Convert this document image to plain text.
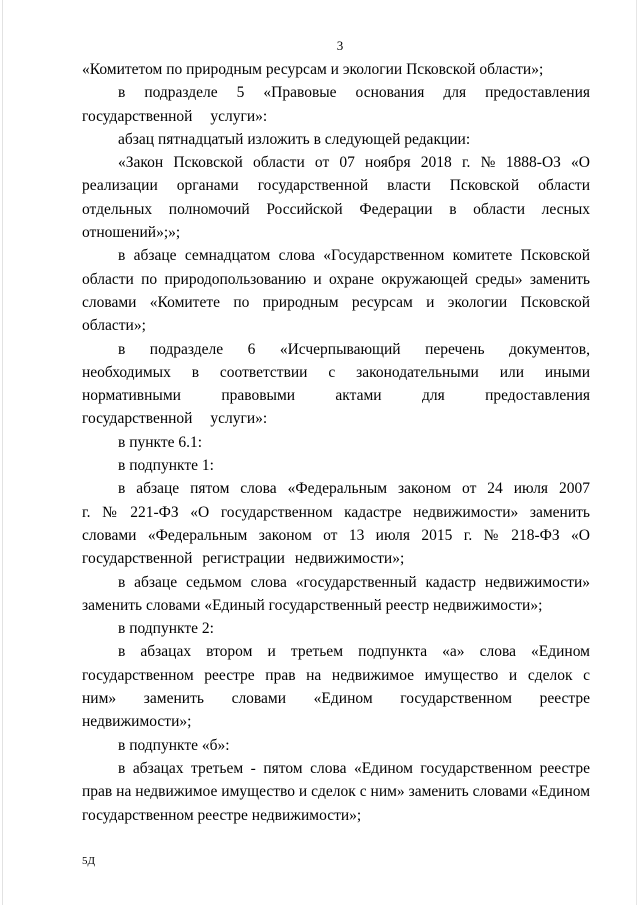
3

«Комитетом по природным ресурсам и экологии Псковской области»;

в подразделе 5 «Правовые основания для предоставления государственной услуги»:

абзац пятнадцатый изложить в следующей редакции:

«Закон Псковской области от 07 ноября 2018 г. № 1888-ОЗ «О реализации органами государственной власти Псковской области отдельных полномочий Российской Федерации в области лесных отношений»;»;

в абзаце семнадцатом слова «Государственном комитете Псковской области по природопользованию и охране окружающей среды» заменить словами «Комитете по природным ресурсам и экологии Псковской области»;

в подразделе 6 «Исчерпывающий перечень документов, необходимых в соответствии с законодательными или иными нормативными правовыми актами для предоставления государственной услуги»:

в пункте 6.1:

в подпункте 1:

в абзаце пятом слова «Федеральным законом от 24 июля 2007 г. № 221-ФЗ «О государственном кадастре недвижимости» заменить словами «Федеральным законом от 13 июля 2015 г. № 218-ФЗ «О государственной регистрации недвижимости»;

в абзаце седьмом слова «государственный кадастр недвижимости» заменить словами «Единый государственный реестр недвижимости»;

в подпункте 2:

в абзацах втором и третьем подпункта «а» слова «Едином государственном реестре прав на недвижимое имущество и сделок с ним» заменить словами «Едином государственном реестре недвижимости»;

в подпункте «б»:

в абзацах третьем - пятом слова «Едином государственном реестре прав на недвижимое имущество и сделок с ним» заменить словами «Едином государственном реестре недвижимости»;

5Д
